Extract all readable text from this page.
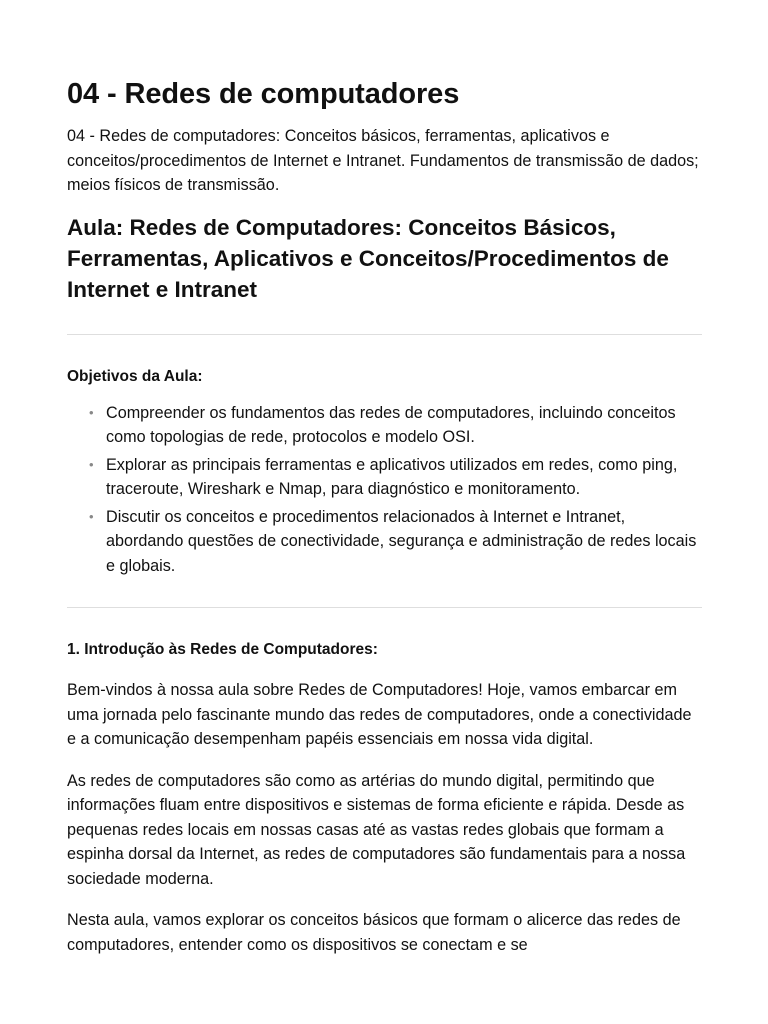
04 - Redes de computadores

04 - Redes de computadores: Conceitos básicos, ferramentas, aplicativos e conceitos/procedimentos de Internet e Intranet. Fundamentos de transmissão de dados; meios físicos de transmissão.

Aula: Redes de Computadores: Conceitos Básicos, Ferramentas, Aplicativos e Conceitos/Procedimentos de Internet e Intranet
Objetivos da Aula:
• Compreender os fundamentos das redes de computadores, incluindo conceitos como topologias de rede, protocolos e modelo OSI.
• Explorar as principais ferramentas e aplicativos utilizados em redes, como ping, traceroute, Wireshark e Nmap, para diagnóstico e monitoramento.
• Discutir os conceitos e procedimentos relacionados à Internet e Intranet, abordando questões de conectividade, segurança e administração de redes locais e globais.
1. Introdução às Redes de Computadores:

Bem-vindos à nossa aula sobre Redes de Computadores! Hoje, vamos embarcar em uma jornada pelo fascinante mundo das redes de computadores, onde a conectividade e a comunicação desempenham papéis essenciais em nossa vida digital.

As redes de computadores são como as artérias do mundo digital, permitindo que informações fluam entre dispositivos e sistemas de forma eficiente e rápida. Desde as pequenas redes locais em nossas casas até as vastas redes globais que formam a espinha dorsal da Internet, as redes de computadores são fundamentais para a nossa sociedade moderna.

Nesta aula, vamos explorar os conceitos básicos que formam o alicerce das redes de computadores, entender como os dispositivos se conectam e se
